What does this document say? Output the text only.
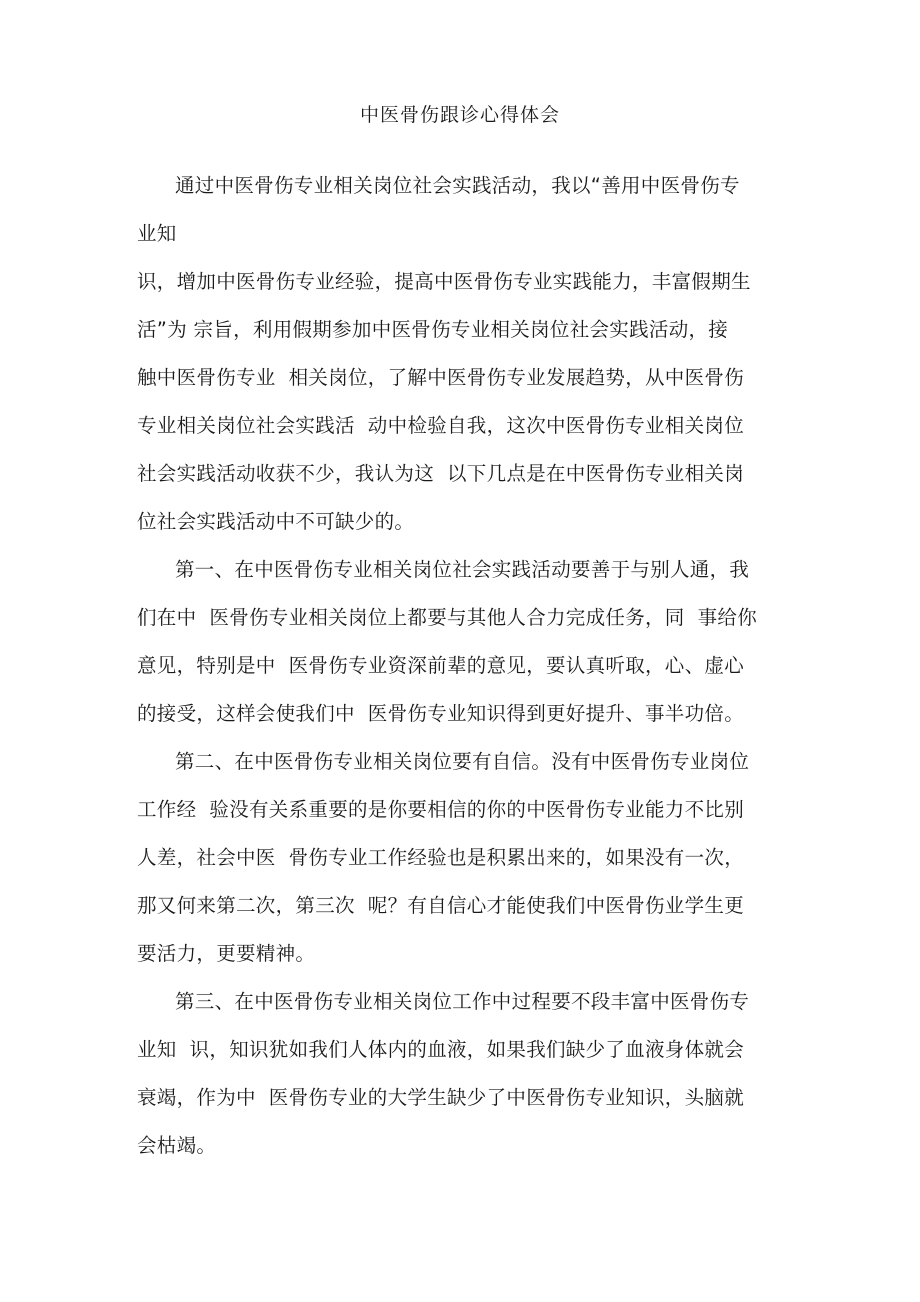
中医骨伤跟诊心得体会
通过中医骨伤专业相关岗位社会实践活动，我以“善用中医骨伤专
业知
识，增加中医骨伤专业经验，提高中医骨伤专业实践能力，丰富假期生
活”为 宗旨，利用假期参加中医骨伤专业相关岗位社会实践活动，接
触中医骨伤专业  相关岗位，了解中医骨伤专业发展趋势，从中医骨伤
专业相关岗位社会实践活  动中检验自我，这次中医骨伤专业相关岗位
社会实践活动收获不少，我认为这  以下几点是在中医骨伤专业相关岗
位社会实践活动中不可缺少的。
第一、在中医骨伤专业相关岗位社会实践活动要善于与别人通，我
们在中  医骨伤专业相关岗位上都要与其他人合力完成任务，同  事给你
意见，特别是中  医骨伤专业资深前辈的意见，要认真听取，心、虚心
的接受，这样会使我们中  医骨伤专业知识得到更好提升、事半功倍。
第二、在中医骨伤专业相关岗位要有自信。没有中医骨伤专业岗位
工作经  验没有关系重要的是你要相信的你的中医骨伤专业能力不比别
人差，社会中医  骨伤专业工作经验也是积累出来的，如果没有一次，
那又何来第二次，第三次  呢？有自信心才能使我们中医骨伤业学生更
要活力，更要精神。
第三、在中医骨伤专业相关岗位工作中过程要不段丰富中医骨伤专
业知  识，知识犹如我们人体内的血液，如果我们缺少了血液身体就会
衰竭，作为中  医骨伤专业的大学生缺少了中医骨伤专业知识，头脑就
会枯竭。
